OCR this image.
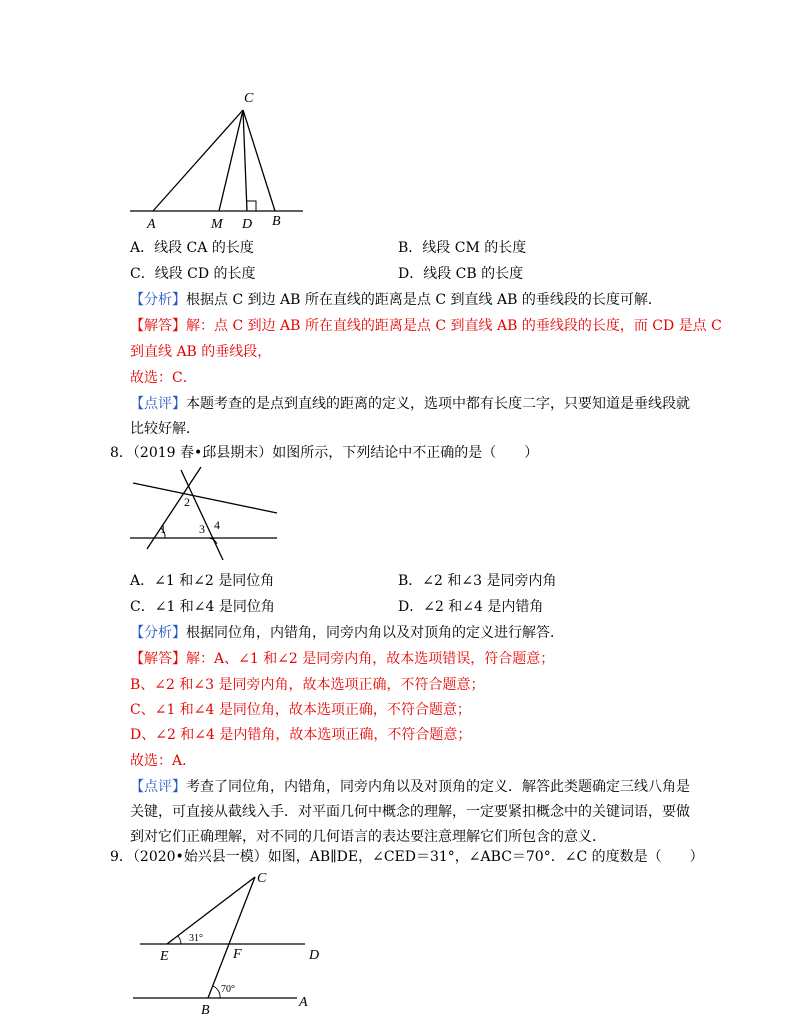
C
A	M D B
A．线段 CA 的长度	B．线段 CM 的长度
C．线段 CD 的长度	D．线段 CB 的长度
【分析】根据点 C 到边 AB 所在直线的距离是点 C 到直线 AB 的垂线段的长度可解．
【解答】解：点 C 到边 AB 所在直线的距离是点 C 到直线 AB 的垂线段的长度，而 CD 是点 C
到直线 AB 的垂线段，
故选：C．
【点评】本题考查的是点到直线的距离的定义，选项中都有长度二字，只要知道是垂线段就
比较好解．
8．（2019 春•邱县期末）如图所示，下列结论中不正确的是（　　）
1
2
3 4
A．∠1 和∠2 是同位角	B．∠2 和∠3 是同旁内角
C．∠1 和∠4 是同位角	D．∠2 和∠4 是内错角
【分析】根据同位角，内错角，同旁内角以及对顶角的定义进行解答．
【解答】解：A、∠1 和∠2 是同旁内角，故本选项错误，符合题意；
B、∠2 和∠3 是同旁内角，故本选项正确，不符合题意；
C、∠1 和∠4 是同位角，故本选项正确，不符合题意；
D、∠2 和∠4 是内错角，故本选项正确，不符合题意；
故选：A．
【点评】考查了同位角，内错角，同旁内角以及对顶角的定义．解答此类题确定三线八角是
关键，可直接从截线入手．对平面几何中概念的理解，一定要紧扣概念中的关键词语，要做
到对它们正确理解，对不同的几何语言的表达要注意理解它们所包含的意义．
9．（2020•始兴县一模）如图，AB∥DE，∠CED＝31°，∠ABC＝70°．∠C 的度数是（　　）
C
E	F	D
B
A
31°
70°
